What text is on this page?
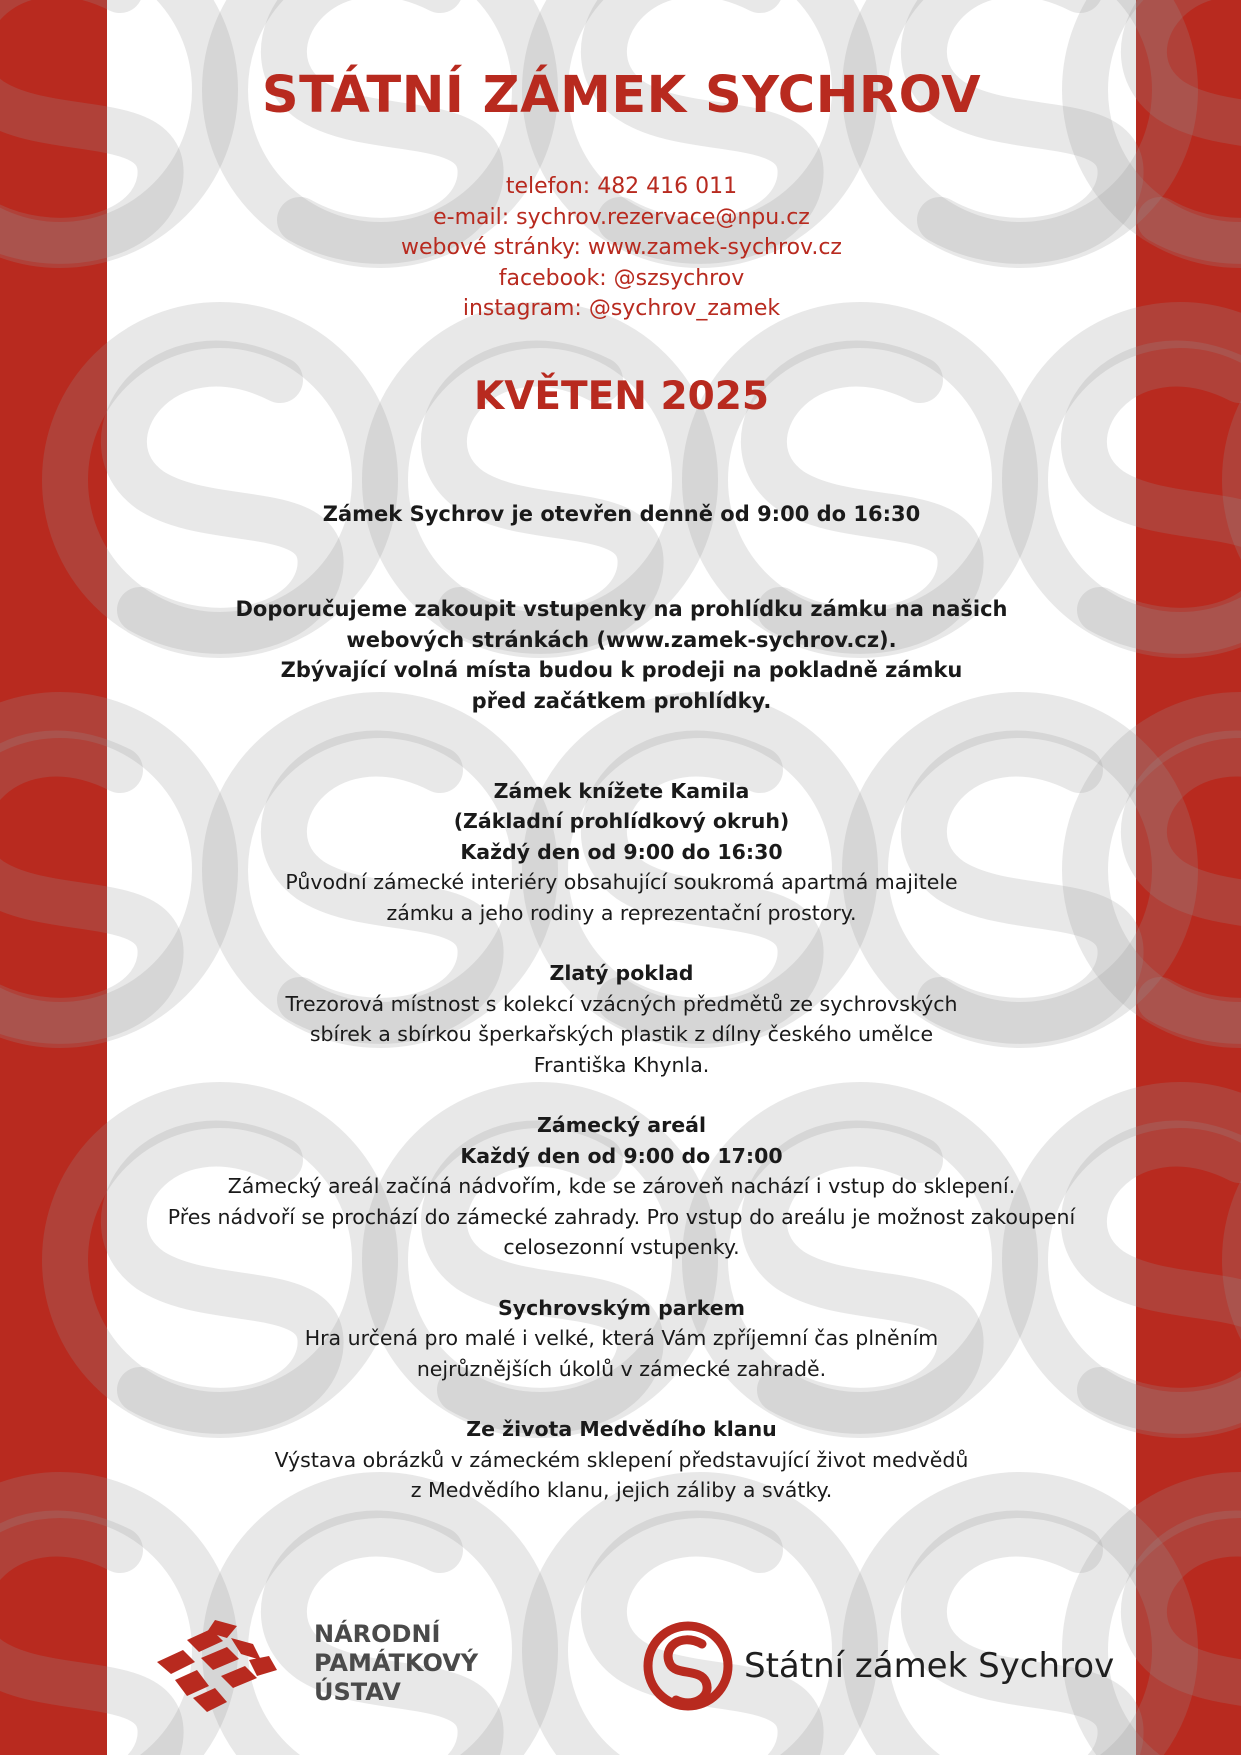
STÁTNÍ ZÁMEK SYCHROV
telefon: 482 416 011
e-mail: sychrov.rezervace@npu.cz
webové stránky: www.zamek-sychrov.cz
facebook: @szsychrov
instagram: @sychrov_zamek
KVĚTEN 2025
Zámek Sychrov je otevřen denně od 9:00 do 16:30
Doporučujeme zakoupit vstupenky na prohlídku zámku na našich
webových stránkách (www.zamek-sychrov.cz).
Zbývající volná místa budou k prodeji na pokladně zámku
před začátkem prohlídky.
Zámek knížete Kamila
(Základní prohlídkový okruh)
Každý den od 9:00 do 16:30
Původní zámecké interiéry obsahující soukromá apartmá majitele
zámku a jeho rodiny a reprezentační prostory.
Zlatý poklad
Trezorová místnost s kolekcí vzácných předmětů ze sychrovských
sbírek a sbírkou šperkařských plastik z dílny českého umělce
Františka Khynla.
Zámecký areál
Každý den od 9:00 do 17:00
Zámecký areál začíná nádvořím, kde se zároveň nachází i vstup do sklepení.
Přes nádvoří se prochází do zámecké zahrady. Pro vstup do areálu je možnost zakoupení
celosezonní vstupenky.
Sychrovským parkem
Hra určená pro malé i velké, která Vám zpříjemní čas plněním
nejrůznějších úkolů v zámecké zahradě.
Ze života Medvědího klanu
Výstava obrázků v zámeckém sklepení představující život medvědů
z Medvědího klanu, jejich záliby a svátky.
NÁRODNÍ
PAMÁTKOVÝ
ÚSTAV
Státní zámek Sychrov
